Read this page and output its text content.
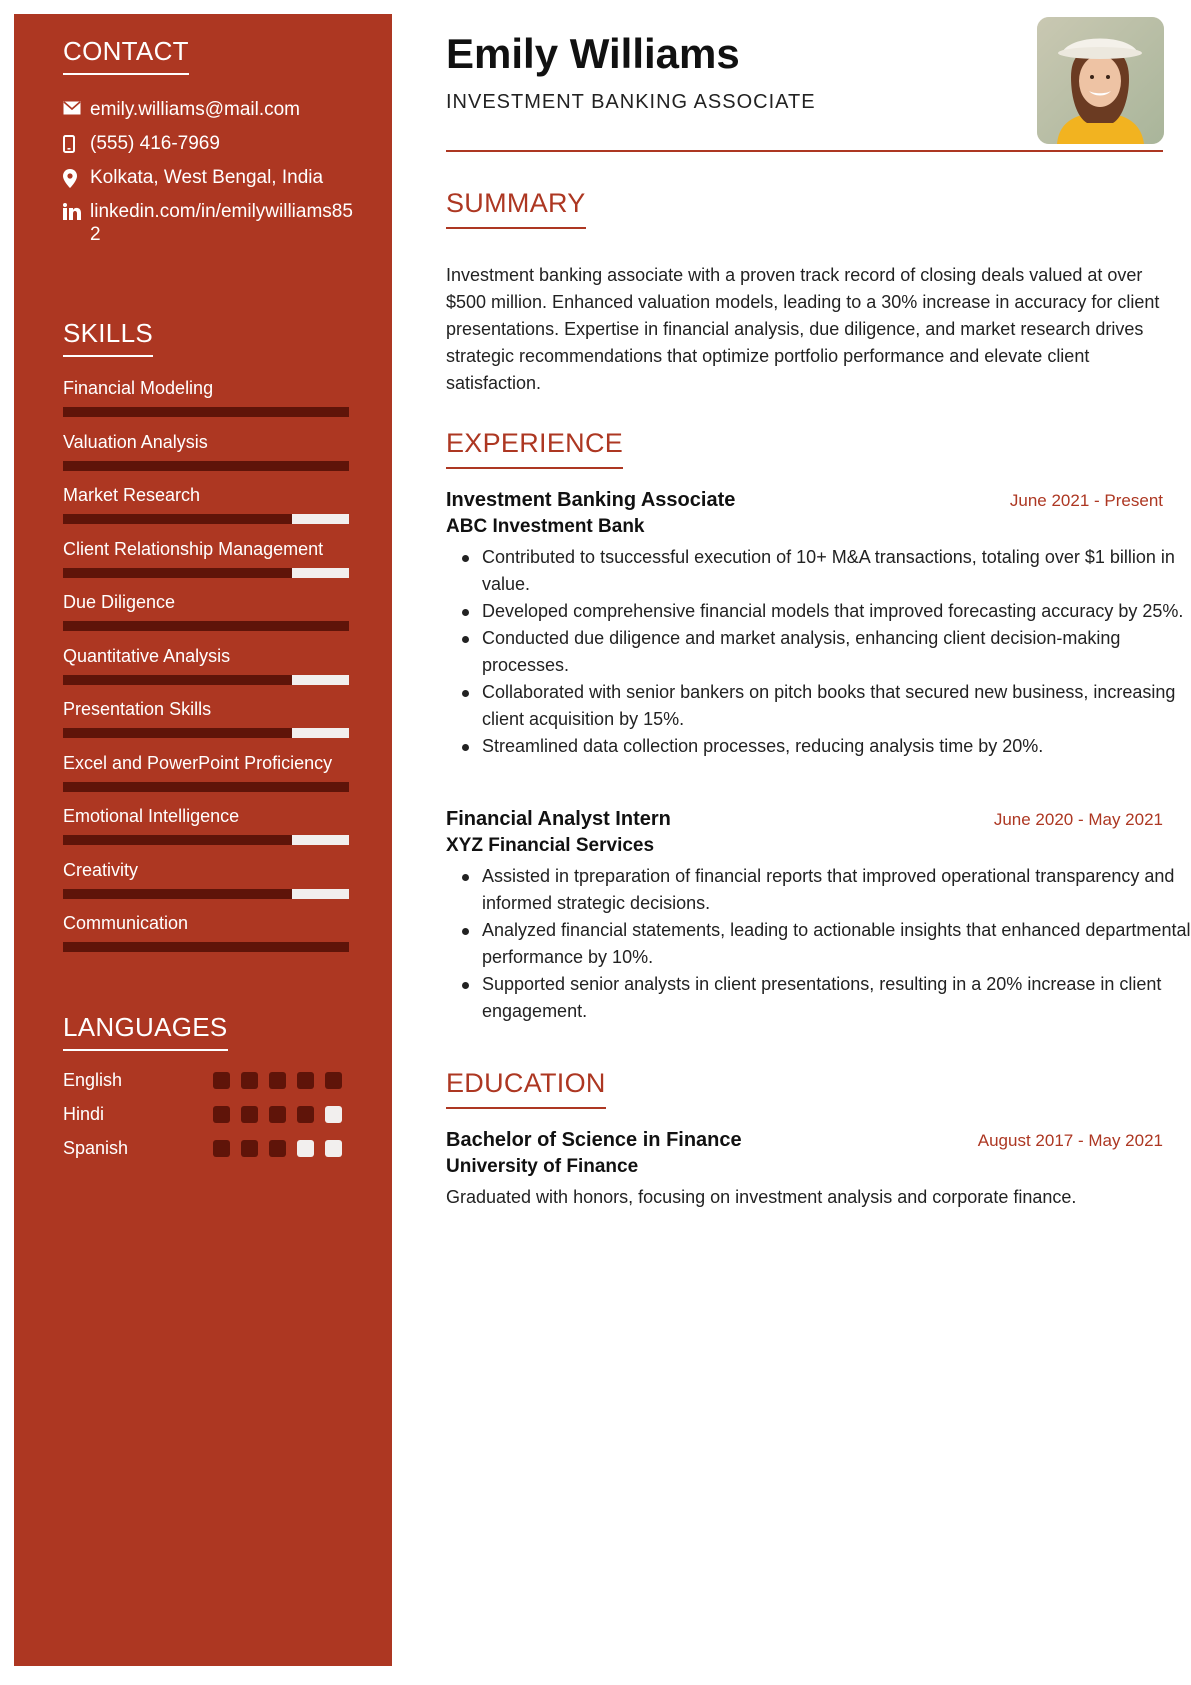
CONTACT
emily.williams@mail.com
(555) 416-7969
Kolkata, West Bengal, India
linkedin.com/in/emilywilliams852
SKILLS
Financial Modeling
Valuation Analysis
Market Research
Client Relationship Management
Due Diligence
Quantitative Analysis
Presentation Skills
Excel and PowerPoint Proficiency
Emotional Intelligence
Creativity
Communication
LANGUAGES
English
Hindi
Spanish
Emily Williams
INVESTMENT BANKING ASSOCIATE
SUMMARY
Investment banking associate with a proven track record of closing deals valued at over $500 million. Enhanced valuation models, leading to a 30% increase in accuracy for client presentations. Expertise in financial analysis, due diligence, and market research drives strategic recommendations that optimize portfolio performance and elevate client satisfaction.
EXPERIENCE
Investment Banking Associate	June 2021 - Present
ABC Investment Bank
Contributed to tsuccessful execution of 10+ M&A transactions, totaling over $1 billion in value.
Developed comprehensive financial models that improved forecasting accuracy by 25%.
Conducted due diligence and market analysis, enhancing client decision-making processes.
Collaborated with senior bankers on pitch books that secured new business, increasing client acquisition by 15%.
Streamlined data collection processes, reducing analysis time by 20%.
Financial Analyst Intern	June 2020 - May 2021
XYZ Financial Services
Assisted in tpreparation of financial reports that improved operational transparency and informed strategic decisions.
Analyzed financial statements, leading to actionable insights that enhanced departmental performance by 10%.
Supported senior analysts in client presentations, resulting in a 20% increase in client engagement.
EDUCATION
Bachelor of Science in Finance	August 2017 - May 2021
University of Finance
Graduated with honors, focusing on investment analysis and corporate finance.
